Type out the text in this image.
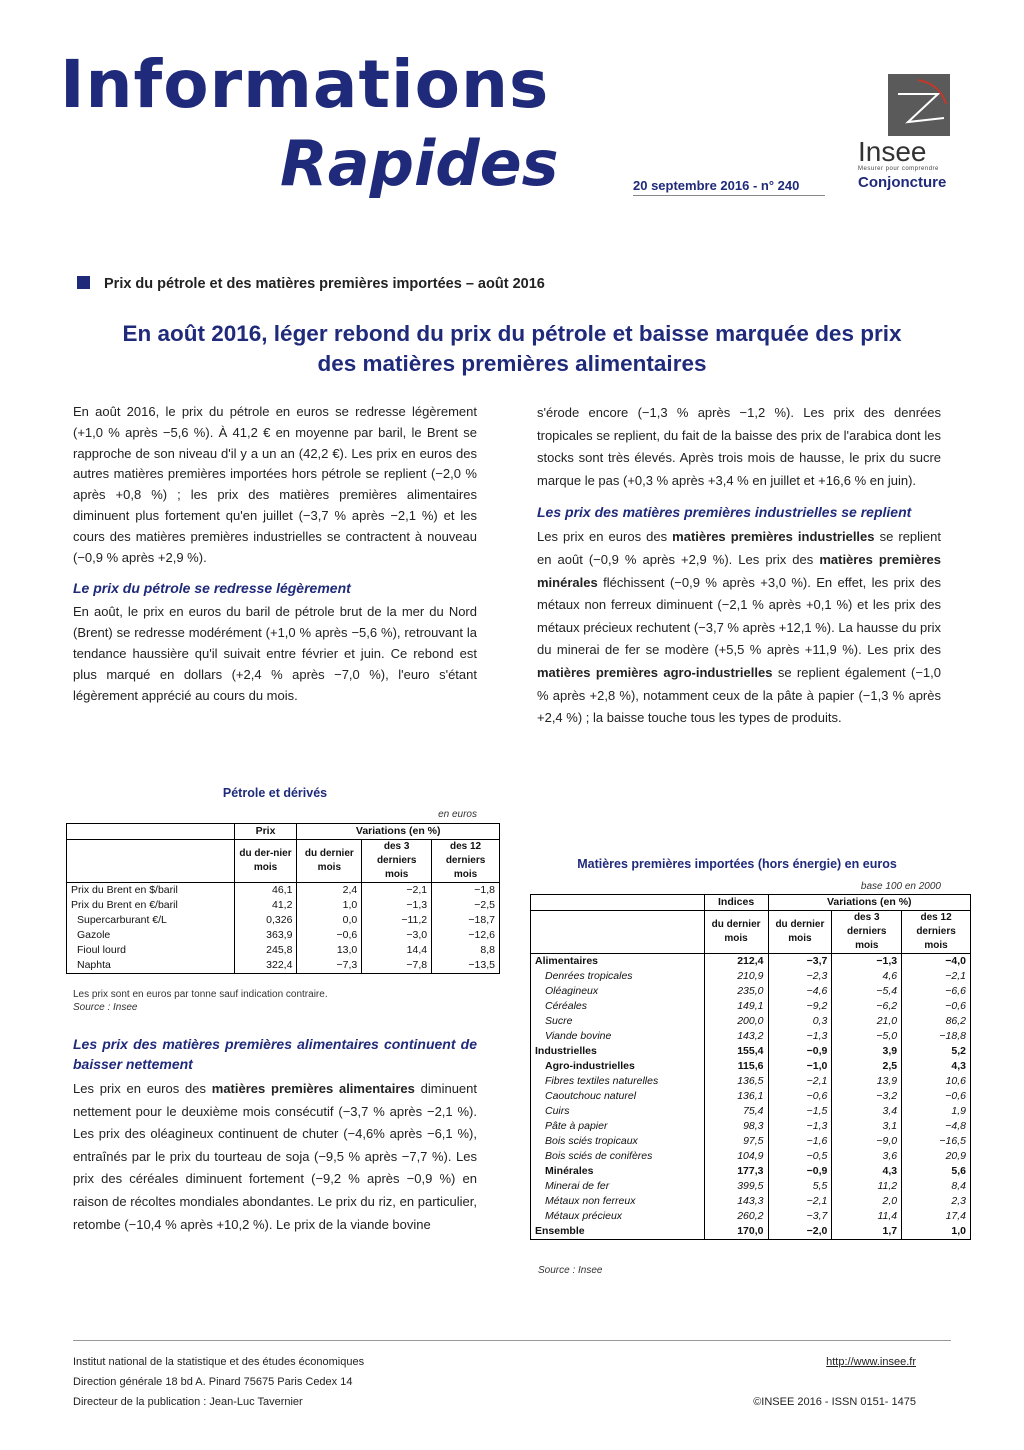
Informations
Rapides	20 septembre 2016 - n° 240
Insee
Mesurer pour comprendre
Conjoncture
Prix du pétrole et des matières premières importées – août 2016
En août 2016, léger rebond du prix du pétrole et baisse marquée des prix
des matières premières alimentaires

En août 2016, le prix du pétrole en euros se redresse légèrement (+1,0 % après −5,6 %). À 41,2 € en moyenne par baril, le Brent se rapproche de son niveau d'il y a un an (42,2 €). Les prix en euros des autres matières premières importées hors pétrole se replient (−2,0 % après +0,8 %) ; les prix des matières premières alimentaires diminuent plus fortement qu'en juillet (−3,7 % après −2,1 %) et les cours des matières premières industrielles se contractent à nouveau (−0,9 % après +2,9 %).

Le prix du pétrole se redresse légèrement

En août, le prix en euros du baril de pétrole brut de la mer du Nord (Brent) se redresse modérément (+1,0 % après −5,6 %), retrouvant la tendance haussière qu'il suivait entre février et juin. Ce rebond est plus marqué en dollars (+2,4 % après −7,0 %), l'euro s'étant légèrement apprécié au cours du mois.

Pétrole et dérivés
en euros
	Prix	Variations (en %)		
	du der-nier mois	du dernier mois	des 3 derniers mois	des 12 derniers mois
Prix du Brent en $/baril	46,1	2,4	−2,1	−1,8
Prix du Brent en €/baril	41,2	1,0	−1,3	−2,5
Supercarburant €/L	0,326	0,0	−11,2	−18,7
Gazole	363,9	−0,6	−3,0	−12,6
Fioul lourd	245,8	13,0	14,4	8,8
Naphta	322,4	−7,3	−7,8	−13,5
Les prix sont en euros par tonne sauf indication contraire.
Source : Insee
Les prix des matières premières alimentaires continuent de baisser nettement

Les prix en euros des matières premières alimentaires diminuent nettement pour le deuxième mois consécutif (−3,7 % après −2,1 %). Les prix des oléagineux continuent de chuter (−4,6% après −6,1 %), entraînés par le prix du tourteau de soja (−9,5 % après −7,7 %). Les prix des céréales diminuent fortement (−9,2 % après −0,9 %) en raison de récoltes mondiales abondantes. Le prix du riz, en particulier, retombe (−10,4 % après +10,2 %). Le prix de la viande bovine

s'érode encore (−1,3 % après −1,2 %). Les prix des denrées tropicales se replient, du fait de la baisse des prix de l'arabica dont les stocks sont très élevés. Après trois mois de hausse, le prix du sucre marque le pas (+0,3 % après +3,4 % en juillet et +16,6 % en juin).

Les prix des matières premières industrielles se replient

Les prix en euros des matières premières industrielles se replient en août (−0,9 % après +2,9 %). Les prix des matières premières minérales fléchissent (−0,9 % après +3,0 %). En effet, les prix des métaux non ferreux diminuent (−2,1 % après +0,1 %) et les prix des métaux précieux rechutent (−3,7 % après +12,1 %). La hausse du prix du minerai de fer se modère (+5,5 % après +11,9 %). Les prix des matières premières agro-industrielles se replient également (−1,0 % après +2,8 %), notamment ceux de la pâte à papier (−1,3 % après +2,4 %) ; la baisse touche tous les types de produits.

Matières premières importées (hors énergie) en euros
base 100 en 2000
	Indices	Variations (en %)		
	du dernier mois	du dernier mois	des 3 derniers mois	des 12 derniers mois
Alimentaires	212,4	−3,7	−1,3	−4,0
Denrées tropicales	210,9	−2,3	4,6	−2,1
Oléagineux	235,0	−4,6	−5,4	−6,6
Céréales	149,1	−9,2	−6,2	−0,6
Sucre	200,0	0,3	21,0	86,2
Viande bovine	143,2	−1,3	−5,0	−18,8
Industrielles	155,4	−0,9	3,9	5,2
Agro-industrielles	115,6	−1,0	2,5	4,3
Fibres textiles naturelles	136,5	−2,1	13,9	10,6
Caoutchouc naturel	136,1	−0,6	−3,2	−0,6
Cuirs	75,4	−1,5	3,4	1,9
Pâte à papier	98,3	−1,3	3,1	−4,8
Bois sciés tropicaux	97,5	−1,6	−9,0	−16,5
Bois sciés de conifères	104,9	−0,5	3,6	20,9
Minérales	177,3	−0,9	4,3	5,6
Minerai de fer	399,5	5,5	11,2	8,4
Métaux non ferreux	143,3	−2,1	2,0	2,3
Métaux précieux	260,2	−3,7	11,4	17,4
Ensemble	170,0	−2,0	1,7	1,0
Source : Insee
Institut national de la statistique et des études économiques
Direction générale 18 bd A. Pinard 75675 Paris Cedex 14
Directeur de la publication : Jean-Luc Tavernier
http://www.insee.fr
©INSEE 2016 - ISSN 0151- 1475
